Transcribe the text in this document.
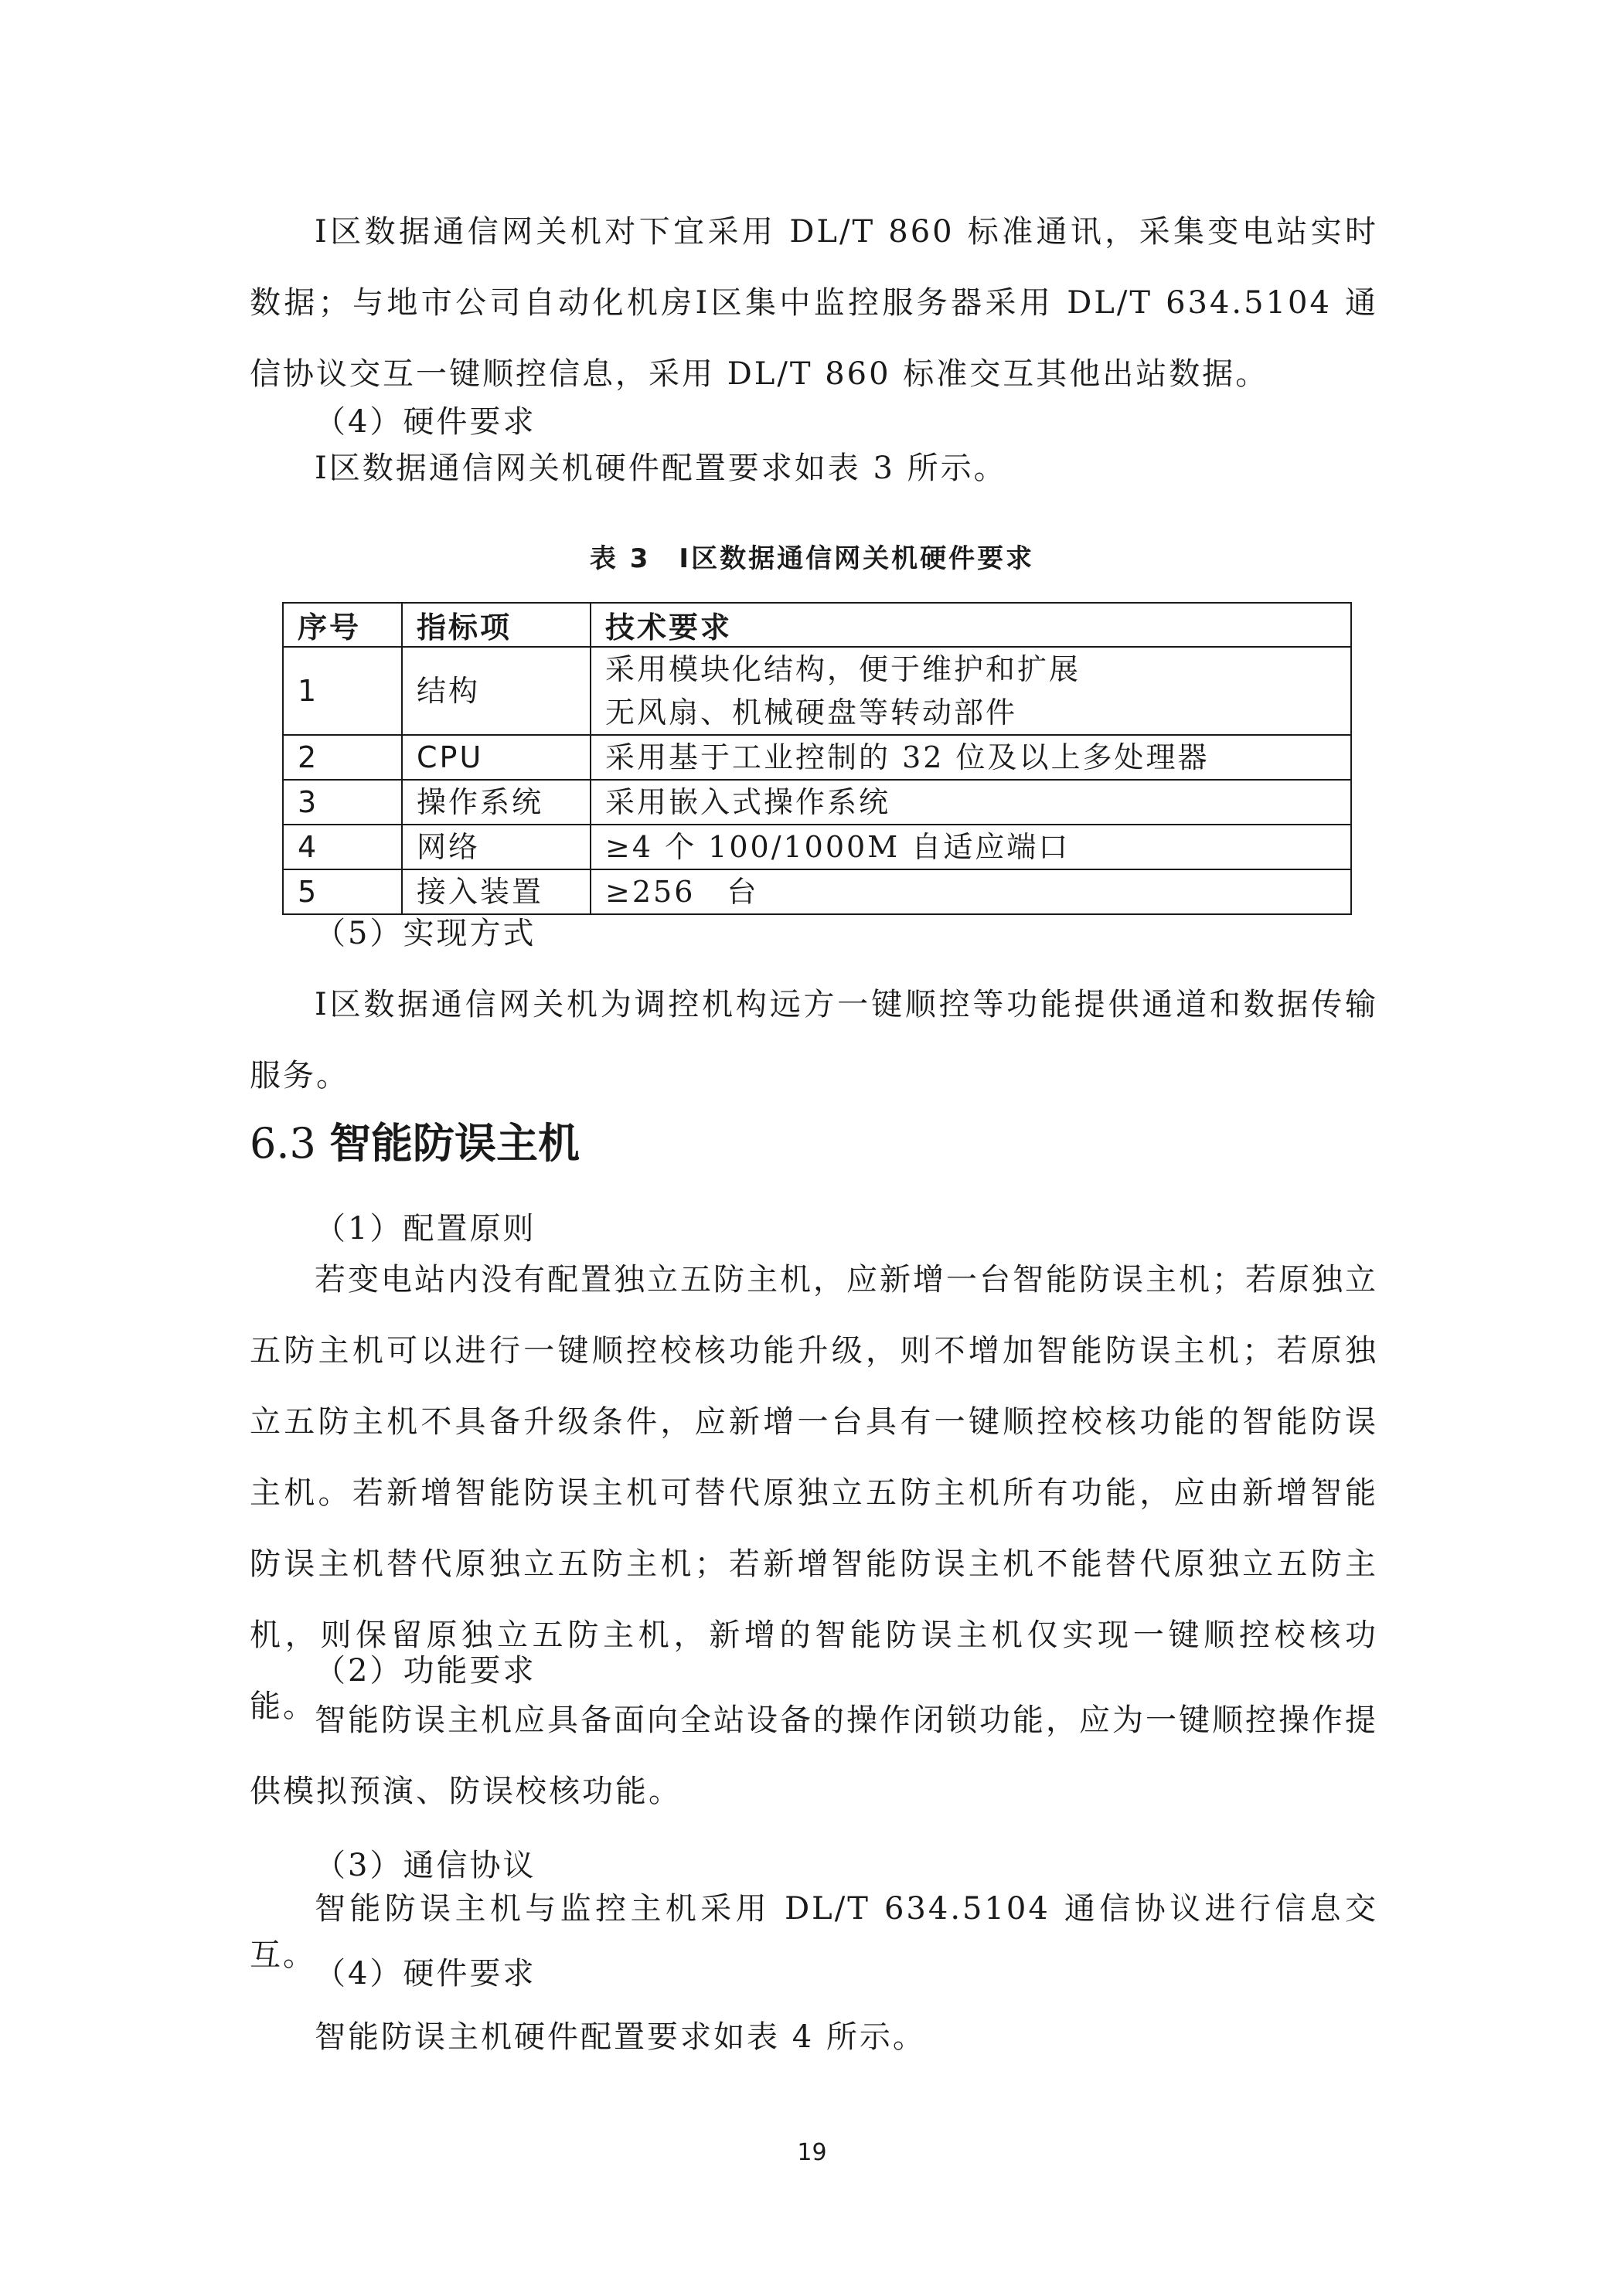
Ⅰ区数据通信网关机对下宜采用 DL/T 860 标准通讯，采集变电站实时数据；与地市公司自动化机房Ⅰ区集中监控服务器采用 DL/T 634.5104 通信协议交互一键顺控信息，采用 DL/T 860 标准交互其他出站数据。

（4）硬件要求

Ⅰ区数据通信网关机硬件配置要求如表 3 所示。

表 3　Ⅰ区数据通信网关机硬件要求
序号	指标项	技术要求
1	结构	采用模块化结构，便于维护和扩展
无风扇、机械硬盘等转动部件

2	CPU	采用基于工业控制的 32 位及以上多处理器
3	操作系统	采用嵌入式操作系统
4	网络	≥4 个 100/1000M 自适应端口
5	接入装置	≥256　台

（5）实现方式

Ⅰ区数据通信网关机为调控机构远方一键顺控等功能提供通道和数据传输服务。

6.3 智能防误主机

（1）配置原则

若变电站内没有配置独立五防主机，应新增一台智能防误主机；若原独立五防主机可以进行一键顺控校核功能升级，则不增加智能防误主机；若原独立五防主机不具备升级条件，应新增一台具有一键顺控校核功能的智能防误主机。若新增智能防误主机可替代原独立五防主机所有功能，应由新增智能防误主机替代原独立五防主机；若新增智能防误主机不能替代原独立五防主机，则保留原独立五防主机，新增的智能防误主机仅实现一键顺控校核功能。

（2）功能要求

智能防误主机应具备面向全站设备的操作闭锁功能，应为一键顺控操作提供模拟预演、防误校核功能。

（3）通信协议

智能防误主机与监控主机采用 DL/T 634.5104 通信协议进行信息交互。

（4）硬件要求

智能防误主机硬件配置要求如表 4 所示。

19
